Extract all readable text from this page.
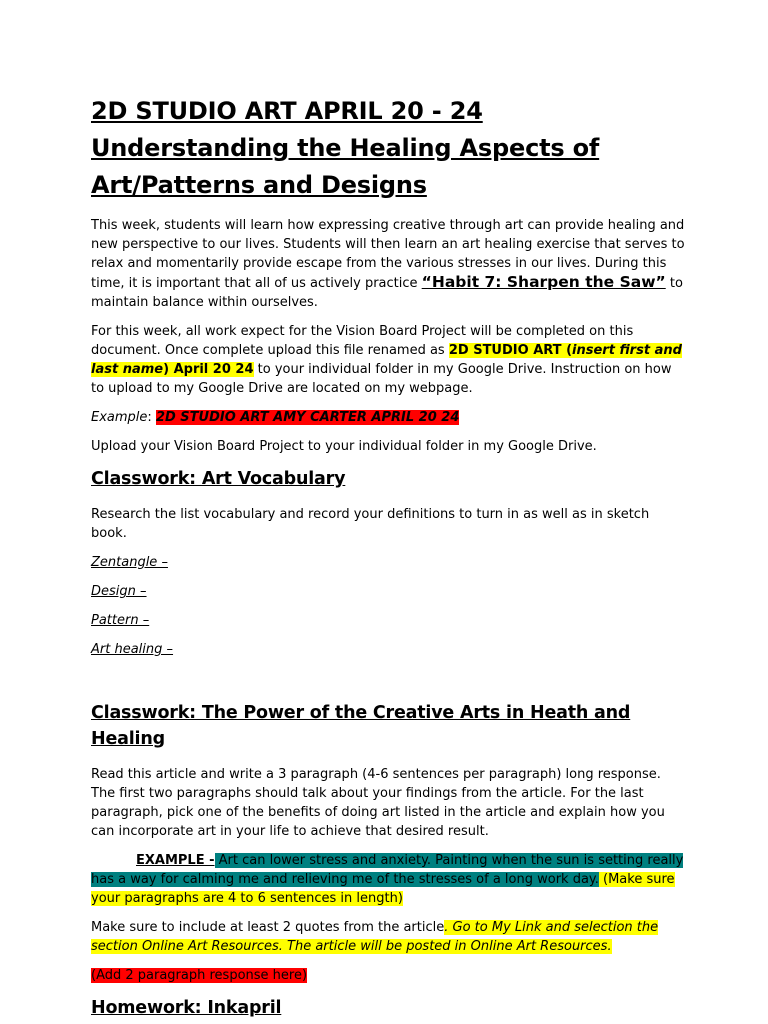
2D STUDIO ART APRIL 20 - 24 Understanding the Healing Aspects of Art/Patterns and Designs

This week, students will learn how expressing creative through art can provide healing and new perspective to our lives. Students will then learn an art healing exercise that serves to relax and momentarily provide escape from the various stresses in our lives. During this time, it is important that all of us actively practice “Habit 7: Sharpen the Saw” to maintain balance within ourselves.

For this week, all work expect for the Vision Board Project will be completed on this document. Once complete upload this file renamed as 2D STUDIO ART (insert first and last name) April 20 24 to your individual folder in my Google Drive. Instruction on how to upload to my Google Drive are located on my webpage.

Example: 2D STUDIO ART AMY CARTER APRIL 20 24

Upload your Vision Board Project to your individual folder in my Google Drive.

Classwork: Art Vocabulary

Research the list vocabulary and record your definitions to turn in as well as in sketch book.

Zentangle –

Design –

Pattern –

Art healing –

Classwork: The Power of the Creative Arts in Heath and Healing

Read this article and write a 3 paragraph (4-6 sentences per paragraph) long response. The first two paragraphs should talk about your findings from the article. For the last paragraph, pick one of the benefits of doing art listed in the article and explain how you can incorporate art in your life to achieve that desired result.

EXAMPLE - Art can lower stress and anxiety. Painting when the sun is setting really has a way for calming me and relieving me of the stresses of a long work day. (Make sure your paragraphs are 4 to 6 sentences in length)

Make sure to include at least 2 quotes from the article. Go to My Link and selection the section Online Art Resources. The article will be posted in Online Art Resources.

(Add 2 paragraph response here)

Homework: Inkapril
